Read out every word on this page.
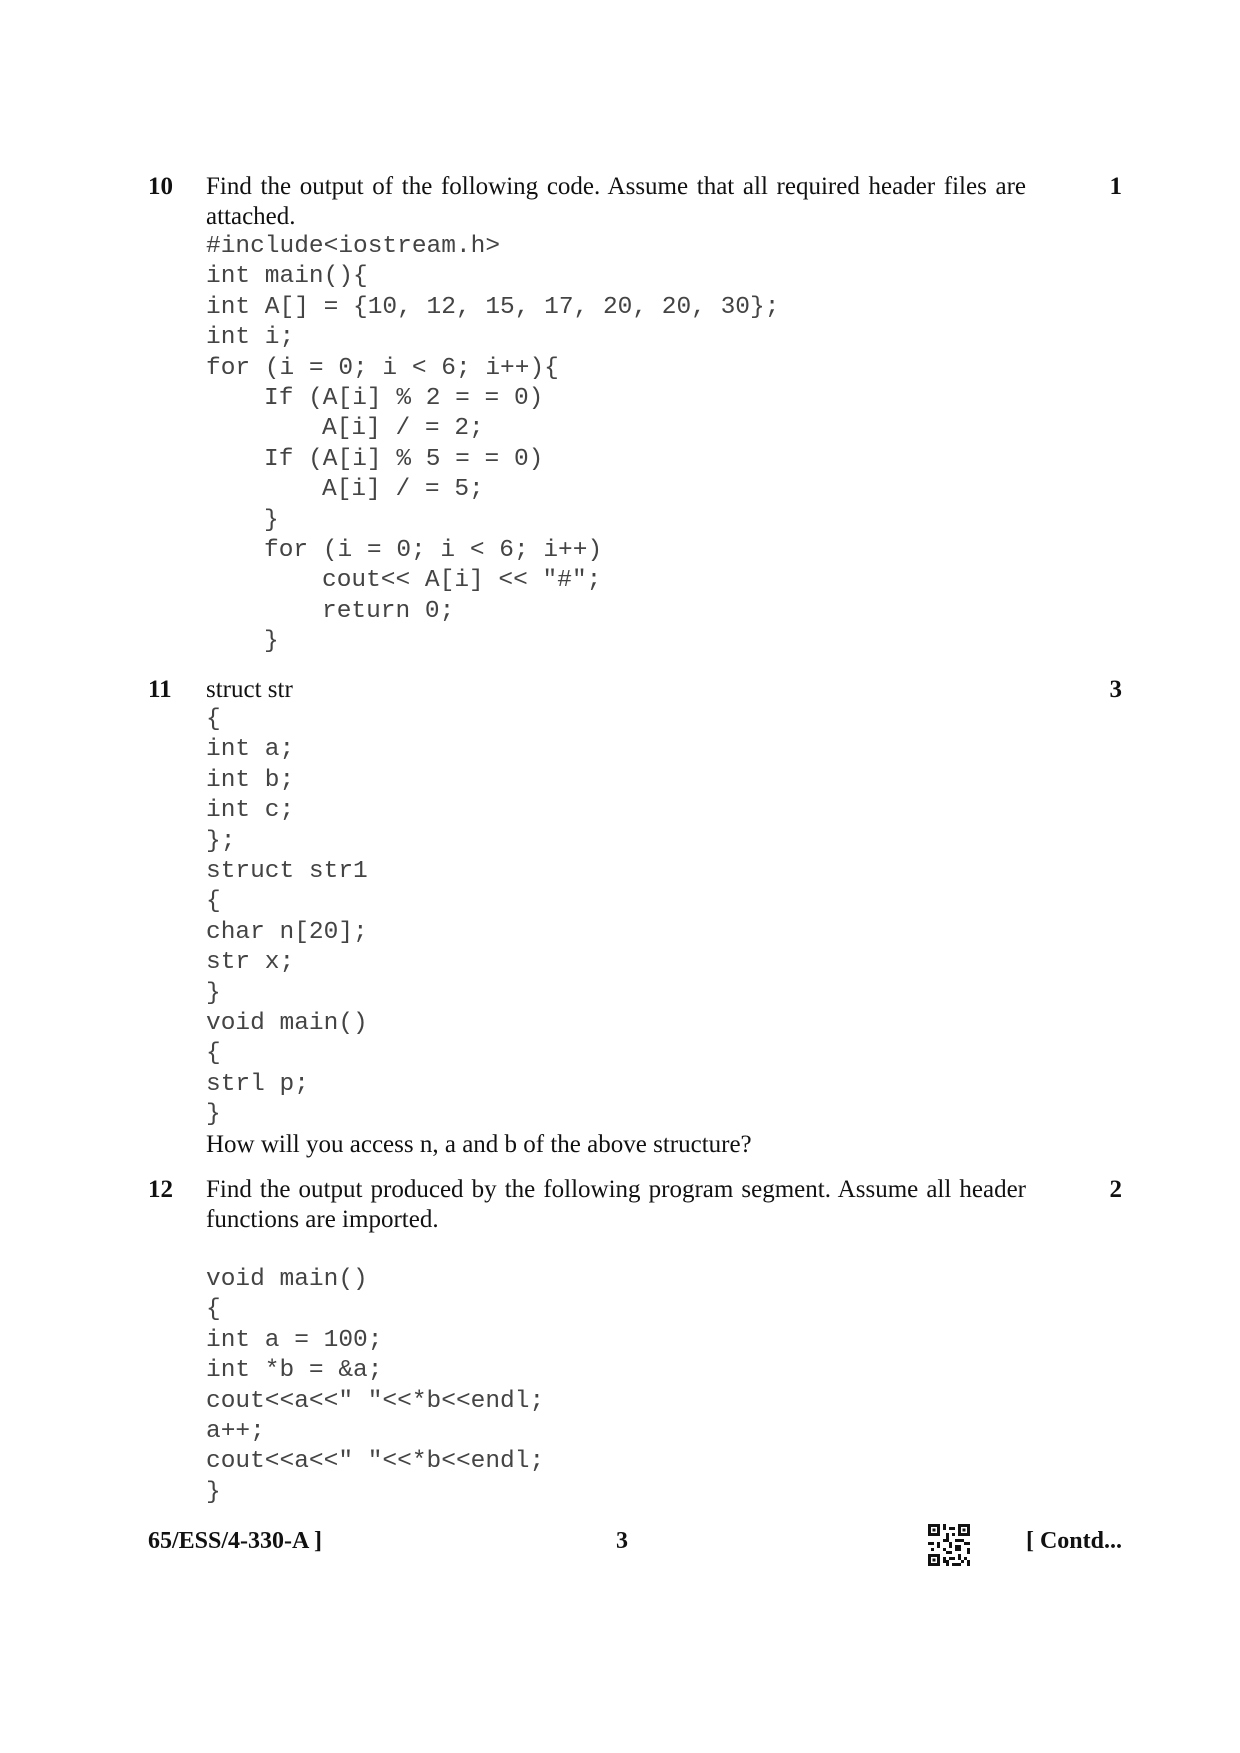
10	1
Find the output of the following code. Assume that all required header files are attached.
#include<iostream.h>
int main(){
int A[] = {10, 12, 15, 17, 20, 20, 30};
int i;
for (i = 0; i < 6; i++){
If (A[i] % 2 = = 0)
A[i] / = 2;
If (A[i] % 5 = = 0)
A[i] / = 5;
}
for (i = 0; i < 6; i++)
cout<< A[i] << "#";
return 0;
}
11	3
struct str
{
int a;
int b;
int c;
};
struct str1
{
char n[20];
str x;
}
void main()
{
strl p;
}
How will you access n, a and b of the above structure?
12	2
Find the output produced by the following program segment. Assume all header functions are imported.
void main()
{
int a = 100;
int *b = &a;
cout<<a<<" "<<*b<<endl;
a++;
cout<<a<<" "<<*b<<endl;
}
65/ESS/4-330-A ]	3	[ Contd...
